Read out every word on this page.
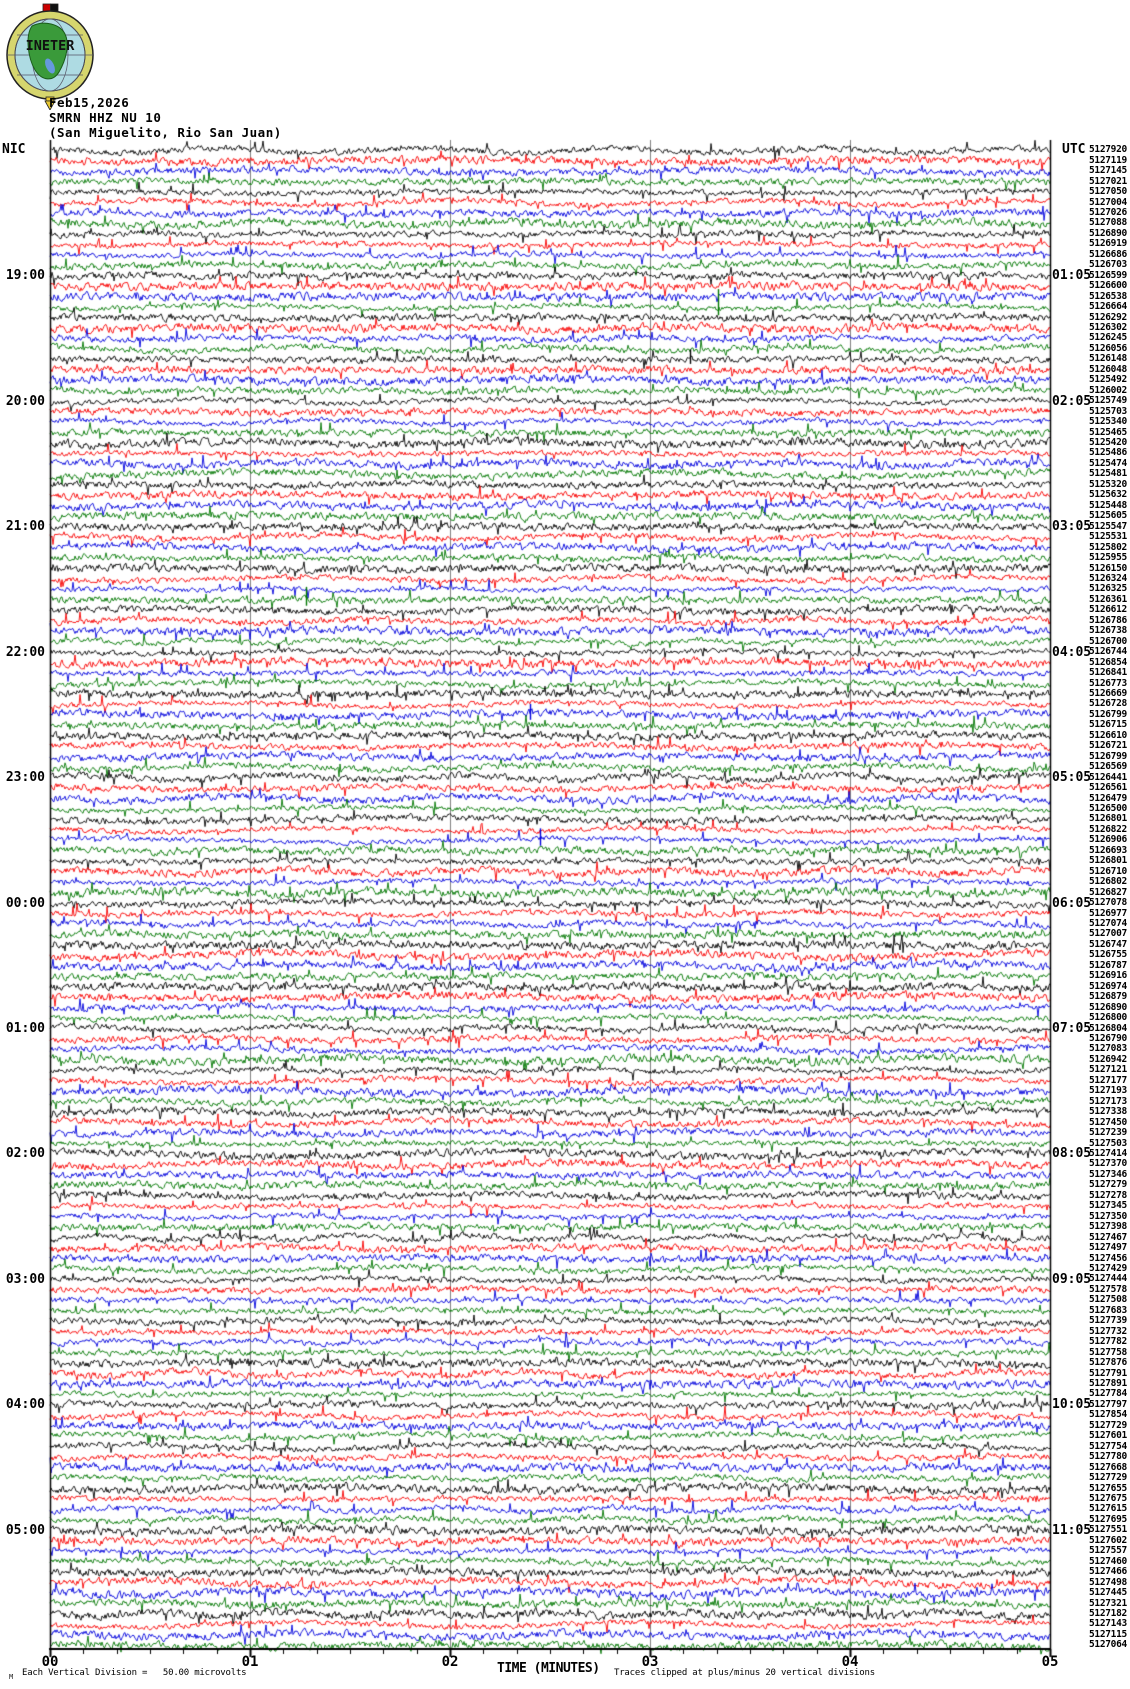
INETER
Feb15,2026
SMRN HHZ NU 10
(San Miguelito, Rio San Juan)
NIC	UTC
M Each Vertical Division =   50.00 microvolts	TIME (MINUTES) Traces clipped at plus/minus 20 vertical divisions
5127920
5127119
5127145
5127021
5127050
5127004
5127026
5127088
5126890
5126919
5126686
5126703
5126599
5126600
5126538
5126664
5126292
5126302
5126245
5126056
5126148
5126048
5125492
5126002
5125749
5125703
5125340
5125465
5125420
5125486
5125474
5125481
5125320
5125632
5125448
5125605
5125547
5125531
5125802
5125955
5126150
5126324
5126325
5126361
5126612
5126786
5126738
5126700
5126744
5126854
5126841
5126773
5126669
5126728
5126799
5126715
5126610
5126721
5126799
5126569
5126441
5126561
5126479
5126500
5126801
5126822
5126906
5126693
5126801
5126710
5126802
5126827
5127078
5126977
5127074
5127007
5126747
5126755
5126787
5126916
5126974
5126879
5126890
5126800
5126804
5126790
5127083
5126942
5127121
5127177
5127193
5127173
5127338
5127450
5127239
5127503
5127414
5127370
5127346
5127279
5127278
5127345
5127350
5127398
5127467
5127497
5127456
5127429
5127444
5127578
5127508
5127683
5127739
5127732
5127782
5127758
5127876
5127791
5127891
5127784
5127797
5127854
5127729
5127601
5127754
5127780
5127668
5127729
5127655
5127675
5127615
5127695
5127551
5127602
5127557
5127460
5127466
5127498
5127445
5127321
5127182
5127143
5127115
5127064
19:00	01:05
20:00	02:05
21:00	03:05
22:00	04:05
23:00	05:05
00:00	06:05
01:00	07:05
02:00	08:05
03:00	09:05
04:00	10:05
05:00	11:05
00	01	02	03	04	05
